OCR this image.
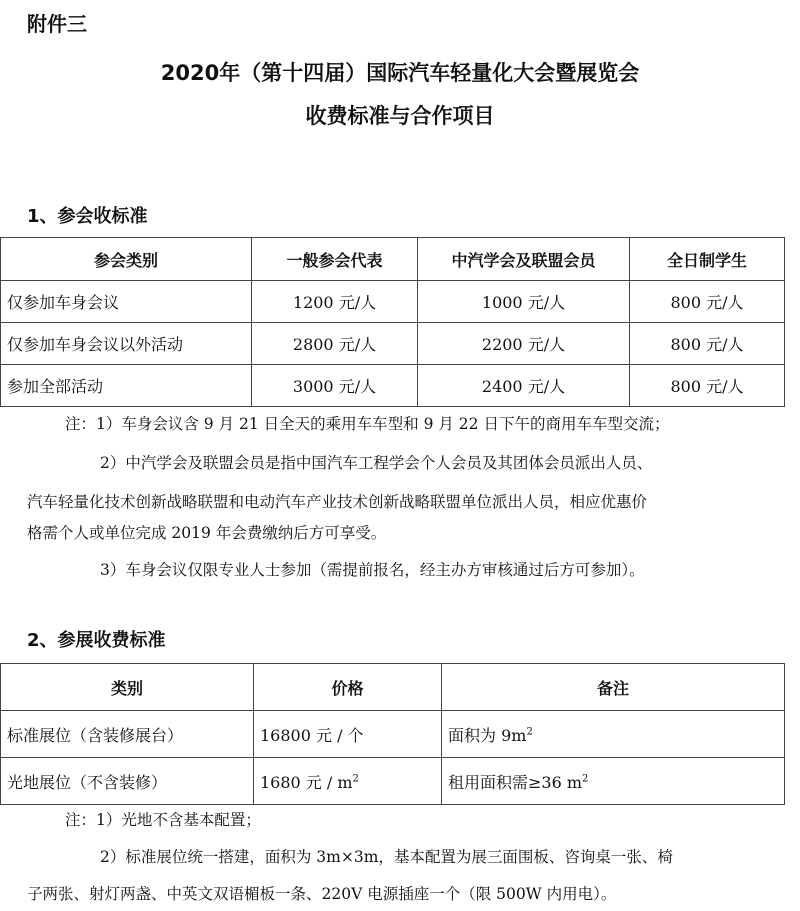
附件三
2020年（第十四届）国际汽车轻量化大会暨展览会
收费标准与合作项目
1、参会收标准
参会类别	一般参会代表	中汽学会及联盟会员	全日制学生
仅参加车身会议	1200 元/人	1000 元/人	800 元/人
仅参加车身会议以外活动	2800 元/人	2200 元/人	800 元/人
参加全部活动	3000 元/人	2400 元/人	800 元/人
注：1）车身会议含 9 月 21 日全天的乘用车车型和 9 月 22 日下午的商用车车型交流；
2）中汽学会及联盟会员是指中国汽车工程学会个人会员及其团体会员派出人员、
汽车轻量化技术创新战略联盟和电动汽车产业技术创新战略联盟单位派出人员，相应优惠价
格需个人或单位完成 2019 年会费缴纳后方可享受。
3）车身会议仅限专业人士参加（需提前报名，经主办方审核通过后方可参加）。
2、参展收费标准
类别	价格	备注
标准展位（含装修展台）	16800 元 / 个	面积为 $9m^2$
光地展位（不含装修）	1680 元 / $m^2$	租用面积需≥36 $m^2$
注：1）光地不含基本配置；
2）标准展位统一搭建，面积为 3m×3m，基本配置为展三面围板、咨询桌一张、椅
子两张、射灯两盏、中英文双语楣板一条、220V 电源插座一个（限 500W 内用电）。
